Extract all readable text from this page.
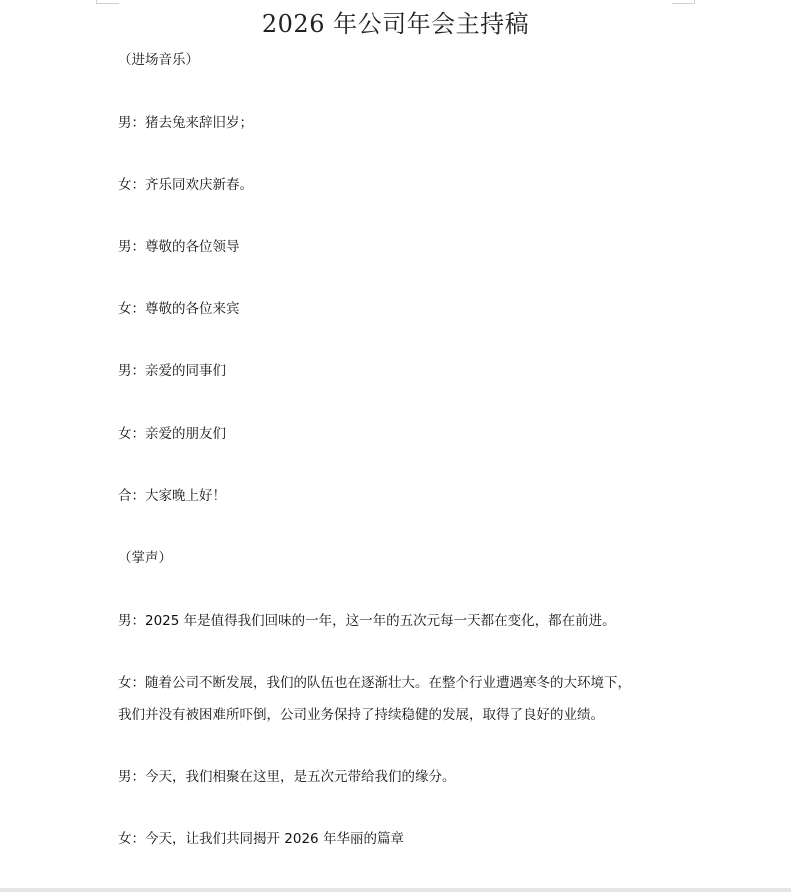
2026 年公司年会主持稿
（进场音乐）
男：猪去兔来辞旧岁；
女：齐乐同欢庆新春。
男：尊敬的各位领导
女：尊敬的各位来宾
男：亲爱的同事们
女：亲爱的朋友们
合：大家晚上好！
（掌声）
男：2025 年是值得我们回味的一年，这一年的五次元每一天都在变化，都在前进。
女：随着公司不断发展，我们的队伍也在逐渐壮大。在整个行业遭遇寒冬的大环境下，
我们并没有被困难所吓倒，公司业务保持了持续稳健的发展，取得了良好的业绩。
男：今天，我们相聚在这里，是五次元带给我们的缘分。
女：今天，让我们共同揭开 2026 年华丽的篇章
